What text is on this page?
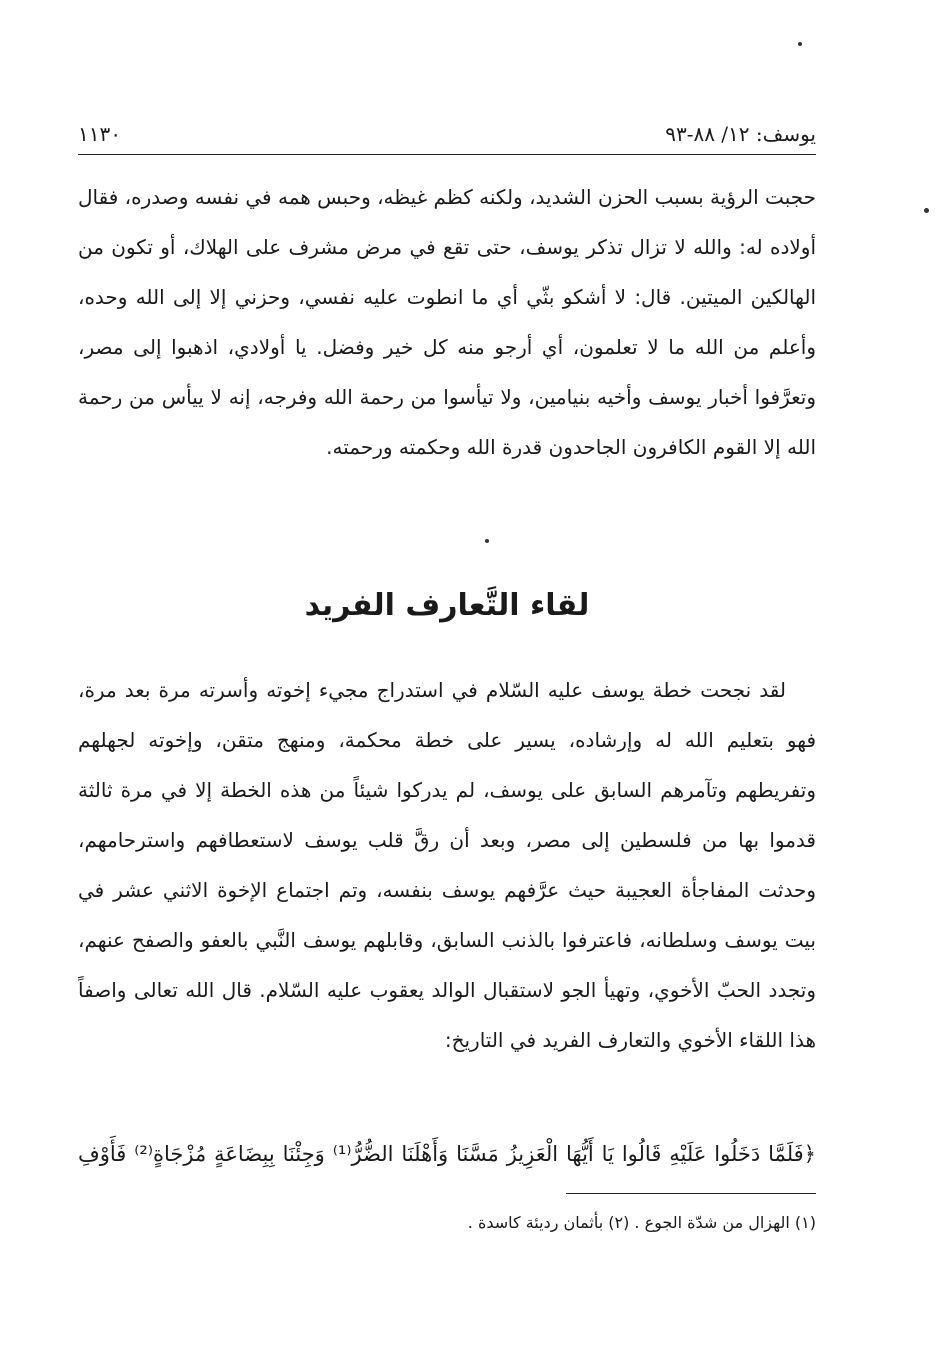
يوسف: ١٢/ ٨٨-٩٣
١١٣٠

حجبت الرؤية بسبب الحزن الشديد، ولكنه كظم غيظه، وحبس همه في نفسه وصدره، فقال أولاده له: والله لا تزال تذكر يوسف، حتى تقع في مرض مشرف على الهلاك، أو تكون من الهالكين الميتين. قال: لا أشكو بثّي أي ما انطوت عليه نفسي، وحزني إلا إلى الله وحده، وأعلم من الله ما لا تعلمون، أي أرجو منه كل خير وفضل. يا أولادي، اذهبوا إلى مصر، وتعرَّفوا أخبار يوسف وأخيه بنيامين، ولا تيأسوا من رحمة الله وفرجه، إنه لا ييأس من رحمة الله إلا القوم الكافرون الجاحدون قدرة الله وحكمته ورحمته.

لقاء التَّعارف الفريد

لقد نجحت خطة يوسف عليه السّلام في استدراج مجيء إخوته وأسرته مرة بعد مرة، فهو بتعليم الله له وإرشاده، يسير على خطة محكمة، ومنهج متقن، وإخوته لجهلهم وتفريطهم وتآمرهم السابق على يوسف، لم يدركوا شيئاً من هذه الخطة إلا في مرة ثالثة قدموا بها من فلسطين إلى مصر، وبعد أن رقَّ قلب يوسف لاستعطافهم واسترحامهم، وحدثت المفاجأة العجيبة حيث عرَّفهم يوسف بنفسه، وتم اجتماع الإخوة الاثني عشر في بيت يوسف وسلطانه، فاعترفوا بالذنب السابق، وقابلهم يوسف النَّبي بالعفو والصفح عنهم، وتجدد الحبّ الأخوي، وتهيأ الجو لاستقبال الوالد يعقوب عليه السّلام. قال الله تعالى واصفاً هذا اللقاء الأخوي والتعارف الفريد في التاريخ:

﴿فَلَمَّا دَخَلُوا عَلَيْهِ قَالُوا يَا أَيُّهَا الْعَزِيزُ مَسَّنَا وَأَهْلَنَا الضُّرُّ⁽¹⁾ وَجِئْنَا بِبِضَاعَةٍ مُزْجَاةٍ⁽²⁾ فَأَوْفِ

(١) الهزال من شدّة الجوع . (٢) بأثمان رديئة كاسدة .
